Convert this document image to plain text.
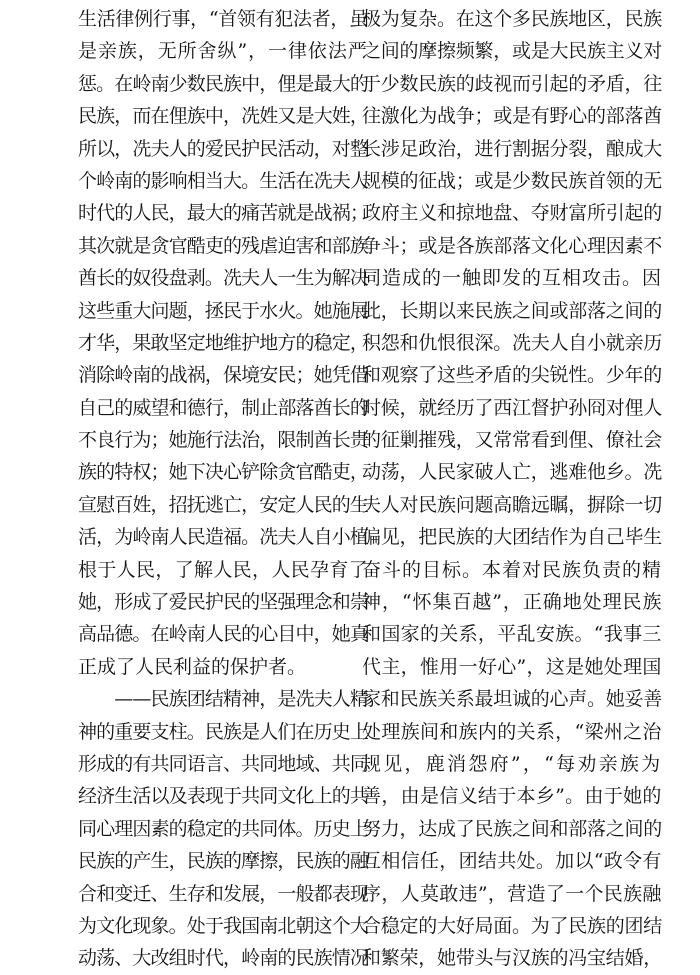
生活律例行事，“首领有犯法者，虽
是亲族，无所舍纵”，一律依法严
惩。在岭南少数民族中，俚是最大的
民族，而在俚族中，冼姓又是大姓，
所以，冼夫人的爱民护民活动，对整
个岭南的影响相当大。生活在冼夫人
时代的人民，最大的痛苦就是战祸；
其次就是贪官酷吏的残虐迫害和部族
酋长的奴役盘剥。冼夫人一生为解决
这些重大问题，拯民于水火。她施展
才华，果敢坚定地维护地方的稳定，
消除岭南的战祸，保境安民；她凭借
自己的威望和德行，制止部落酋长的
不良行为；她施行法治，限制酋长贵
族的特权；她下决心铲除贪官酷吏，
宣慰百姓，招抚逃亡，安定人民的生
活，为岭南人民造福。冼夫人自小植
根于人民，了解人民，人民孕育了
她，形成了爱民护民的坚强理念和崇
高品德。在岭南人民的心目中，她真
正成了人民利益的保护者。
　　——民族团结精神，是冼夫人精
神的重要支柱。民族是人们在历史上
形成的有共同语言、共同地域、共同
经济生活以及表现于共同文化上的共
同心理因素的稳定的共同体。历史上
民族的产生，民族的摩擦，民族的融
合和变迁、生存和发展，一般都表现
为文化现象。处于我国南北朝这个大
动荡、大改组时代，岭南的民族情况
极为复杂。在这个多民族地区，民族
之间的摩擦频繁，或是大民族主义对
于少数民族的歧视而引起的矛盾，往
往激化为战争；或是有野心的部落酋
长涉足政治，进行割据分裂，酿成大
规模的征战；或是少数民族首领的无
政府主义和掠地盘、夺财富所引起的
争斗；或是各族部落文化心理因素不
同造成的一触即发的互相攻击。因
此，长期以来民族之间或部落之间的
积怨和仇恨很深。冼夫人自小就亲历
和观察了这些矛盾的尖锐性。少年的
时候，就经历了西江督护孙冏对俚人
的征剿摧残，又常常看到俚、僚社会
动荡，人民家破人亡，逃难他乡。冼
夫人对民族问题高瞻远瞩，摒除一切
偏见，把民族的大团结作为自己毕生
奋斗的目标。本着对民族负责的精
神，“怀集百越”，正确地处理民族
和国家的关系，平乱安族。“我事三
代主，惟用一好心”，这是她处理国
家和民族关系最坦诚的心声。她妥善
处理族间和族内的关系，“梁州之治
规见，鹿消怨府”，“每劝亲族为
善，由是信义结于本乡”。由于她的
努力，达成了民族之间和部落之间的
互相信任，团结共处。加以“政令有
序，人莫敢违”，营造了一个民族融
合稳定的大好局面。为了民族的团结
和繁荣，她带头与汉族的冯宝结婚，
